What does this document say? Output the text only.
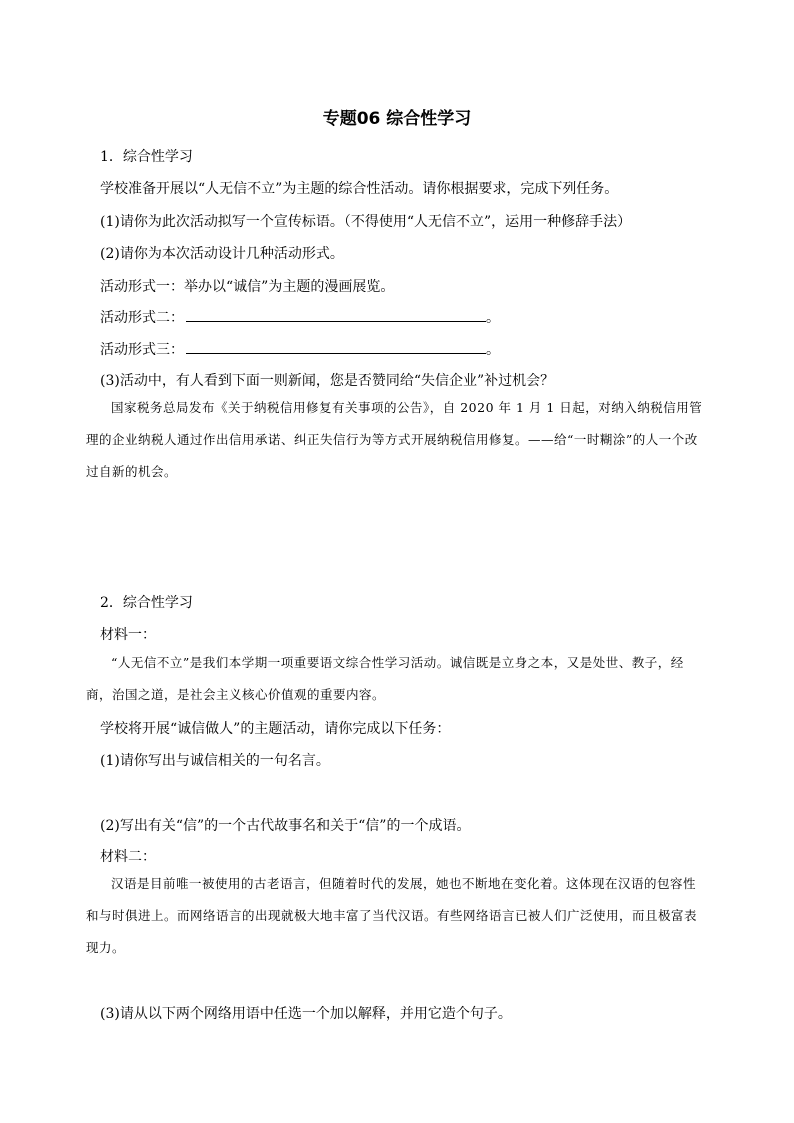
专题06 综合性学习
1．综合性学习
学校准备开展以“人无信不立”为主题的综合性活动。请你根据要求，完成下列任务。
(1)请你为此次活动拟写一个宣传标语。（不得使用“人无信不立”，运用一种修辞手法）
(2)请你为本次活动设计几种活动形式。
活动形式一：举办以“诚信”为主题的漫画展览。
活动形式二：	。
活动形式三：	。
(3)活动中，有人看到下面一则新闻，您是否赞同给“失信企业”补过机会？
国家税务总局发布《关于纳税信用修复有关事项的公告》，自 2020 年 1 月 1 日起，对纳入纳税信用管理的企业纳税人通过作出信用承诺、纠正失信行为等方式开展纳税信用修复。——给“一时糊涂”的人一个改过自新的机会。
2．综合性学习
材料一：
“人无信不立”是我们本学期一项重要语文综合性学习活动。诚信既是立身之本，又是处世、教子，经商，治国之道，是社会主义核心价值观的重要内容。
学校将开展“诚信做人”的主题活动，请你完成以下任务：
(1)请你写出与诚信相关的一句名言。
(2)写出有关“信”的一个古代故事名和关于“信”的一个成语。
材料二：
汉语是目前唯一被使用的古老语言，但随着时代的发展，她也不断地在变化着。这体现在汉语的包容性和与时俱进上。而网络语言的出现就极大地丰富了当代汉语。有些网络语言已被人们广泛使用，而且极富表现力。
(3)请从以下两个网络用语中任选一个加以解释，并用它造个句子。
